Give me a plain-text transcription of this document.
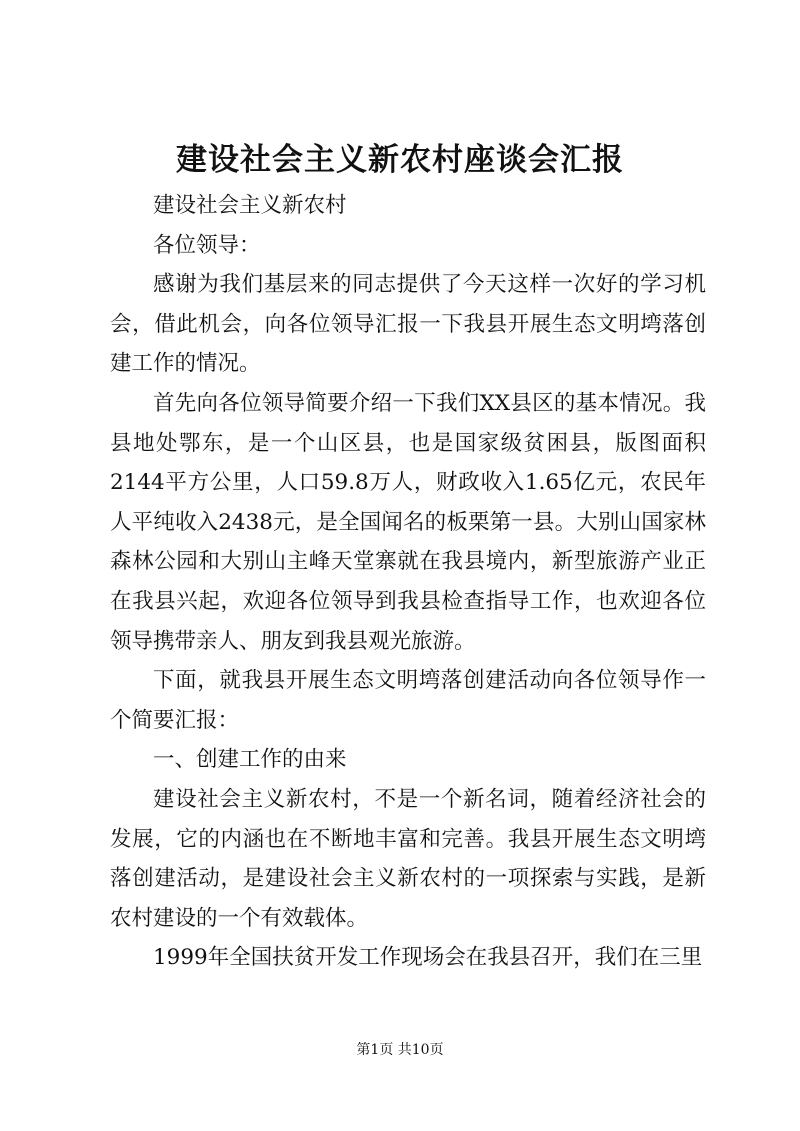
建设社会主义新农村座谈会汇报

建设社会主义新农村

各位领导：

感谢为我们基层来的同志提供了今天这样一次好的学习机会，借此机会，向各位领导汇报一下我县开展生态文明塆落创建工作的情况。

首先向各位领导简要介绍一下我们XX县区的基本情况。我县地处鄂东，是一个山区县，也是国家级贫困县，版图面积2144平方公里，人口59.8万人，财政收入1.65亿元，农民年人平纯收入2438元，是全国闻名的板栗第一县。大别山国家林森林公园和大别山主峰天堂寨就在我县境内，新型旅游产业正在我县兴起，欢迎各位领导到我县检查指导工作，也欢迎各位领导携带亲人、朋友到我县观光旅游。

下面，就我县开展生态文明塆落创建活动向各位领导作一个简要汇报：

一、创建工作的由来

建设社会主义新农村，不是一个新名词，随着经济社会的发展，它的内涵也在不断地丰富和完善。我县开展生态文明塆落创建活动，是建设社会主义新农村的一项探索与实践，是新农村建设的一个有效载体。

1999年全国扶贫开发工作现场会在我县召开，我们在三里

第1页 共10页
